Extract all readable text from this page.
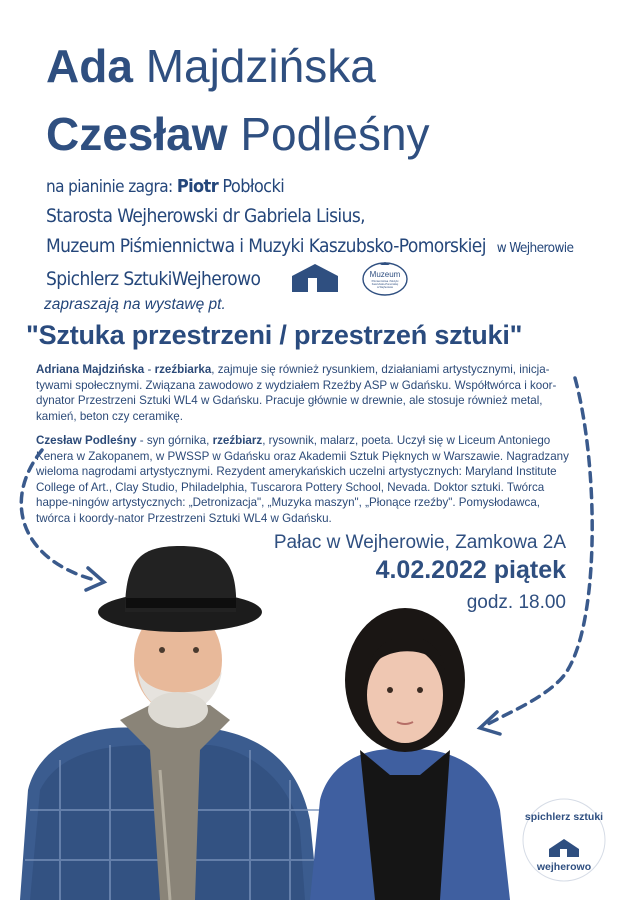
Ada Majdzińska
Czesław Podleśny
na pianinie zagra: Piotr Pobłocki
Starosta Wejherowski dr Gabriela Lisius,
Muzeum Piśmiennictwa i Muzyki Kaszubsko-Pomorskiej w Wejherowie
Spichlerz SztukiWejherowo	Muzeum
Piśmiennictwa i Muzyki
Kaszubsko-Pomorskiej
w Wejherowie
zapraszają na wystawę pt.
"Sztuka przestrzeni / przestrzeń sztuki"
Adriana Majdzińska - rzeźbiarka, zajmuje się również rysunkiem, działaniami artystycznymi, inicja-tywami społecznymi. Związana zawodowo z wydziałem Rzeźby ASP w Gdańsku. Współtwórca i koor-dynator Przestrzeni Sztuki WL4 w Gdańsku. Pracuje głównie w drewnie, ale stosuje również metal, kamień, beton czy ceramikę.
Czesław Podleśny - syn górnika, rzeźbiarz, rysownik, malarz, poeta. Uczył się w Liceum Antoniego Kenera w Zakopanem, w PWSSP w Gdańsku oraz Akademii Sztuk Pięknych w Warszawie. Nagradzany wieloma nagrodami artystycznymi. Rezydent amerykańskich uczelni artystycznych: Maryland Institute College of Art., Clay Studio, Philadelphia, Tuscarora Pottery School, Nevada. Doktor sztuki. Twórca happe-ningów artystycznych: „Detronizacja", „Muzyka maszyn", „Płonące rzeźby". Pomysłodawca, twórca i koordy-nator Przestrzeni Sztuki WL4 w Gdańsku.
Pałac w Wejherowie, Zamkowa 2A
4.02.2022 piątek
godz. 18.00
spichlerz sztuki
wejherowo
